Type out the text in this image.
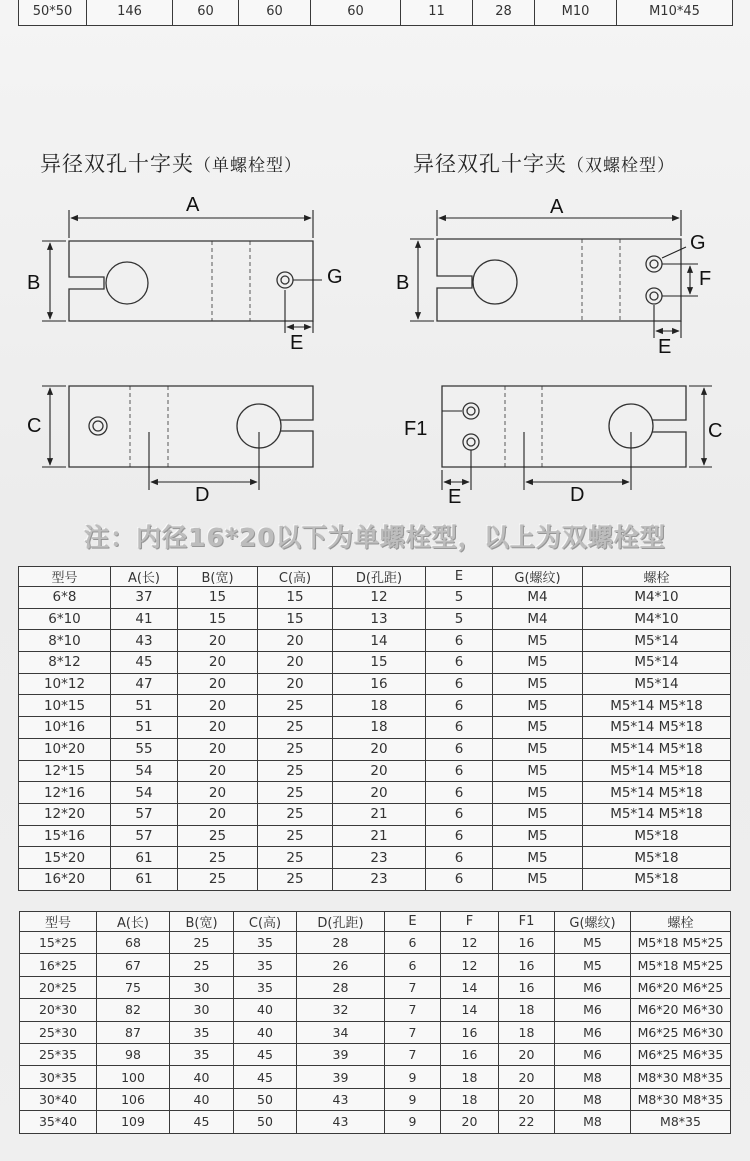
50*50	146	60	60	60	11	28	M10	M10*45
异径双孔十字夹（单螺栓型）	异径双孔十字夹（双螺栓型）
A
B	G
E
C
D
A
B
G
F
E
F1	C
E	D
注：内径16*20以下为单螺栓型，以上为双螺栓型
型号	A(长)	B(宽)	C(高)	D(孔距)	E	G(螺纹)	螺栓
6*8	37	15	15	12	5	M4	M4*10
6*10	41	15	15	13	5	M4	M4*10
8*10	43	20	20	14	6	M5	M5*14
8*12	45	20	20	15	6	M5	M5*14
10*12	47	20	20	16	6	M5	M5*14
10*15	51	20	25	18	6	M5	M5*14 M5*18
10*16	51	20	25	18	6	M5	M5*14 M5*18
10*20	55	20	25	20	6	M5	M5*14 M5*18
12*15	54	20	25	20	6	M5	M5*14 M5*18
12*16	54	20	25	20	6	M5	M5*14 M5*18
12*20	57	20	25	21	6	M5	M5*14 M5*18
15*16	57	25	25	21	6	M5	M5*18
15*20	61	25	25	23	6	M5	M5*18
16*20	61	25	25	23	6	M5	M5*18
型号	A(长)	B(宽)	C(高)	D(孔距)	E	F	F1	G(螺纹)	螺栓
15*25	68	25	35	28	6	12	16	M5	M5*18 M5*25
16*25	67	25	35	26	6	12	16	M5	M5*18 M5*25
20*25	75	30	35	28	7	14	16	M6	M6*20 M6*25
20*30	82	30	40	32	7	14	18	M6	M6*20 M6*30
25*30	87	35	40	34	7	16	18	M6	M6*25 M6*30
25*35	98	35	45	39	7	16	20	M6	M6*25 M6*35
30*35	100	40	45	39	9	18	20	M8	M8*30 M8*35
30*40	106	40	50	43	9	18	20	M8	M8*30 M8*35
35*40	109	45	50	43	9	20	22	M8	M8*35
